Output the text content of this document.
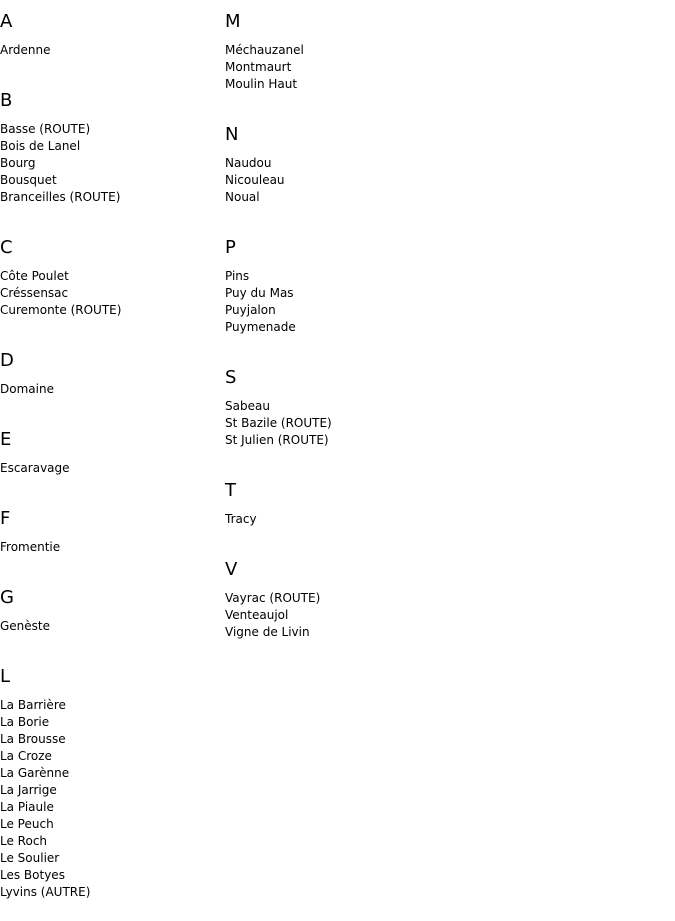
A
Ardenne
B
Basse (ROUTE)
Bois de Lanel
Bourg
Bousquet
Branceilles (ROUTE)
C
Côte Poulet
Créssensac
Curemonte (ROUTE)
D
Domaine
E
Escaravage
F
Fromentie
G
Genèste
L
La Barrière
La Borie
La Brousse
La Croze
La Garènne
La Jarrige
La Piaule
Le Peuch
Le Roch
Le Soulier
Les Botyes
Lyvins (AUTRE)
M
Méchauzanel
Montmaurt
Moulin Haut
N
Naudou
Nicouleau
Noual
P
Pins
Puy du Mas
Puyjalon
Puymenade
S
Sabeau
St Bazile (ROUTE)
St Julien (ROUTE)
T
Tracy
V
Vayrac (ROUTE)
Venteaujol
Vigne de Livin
